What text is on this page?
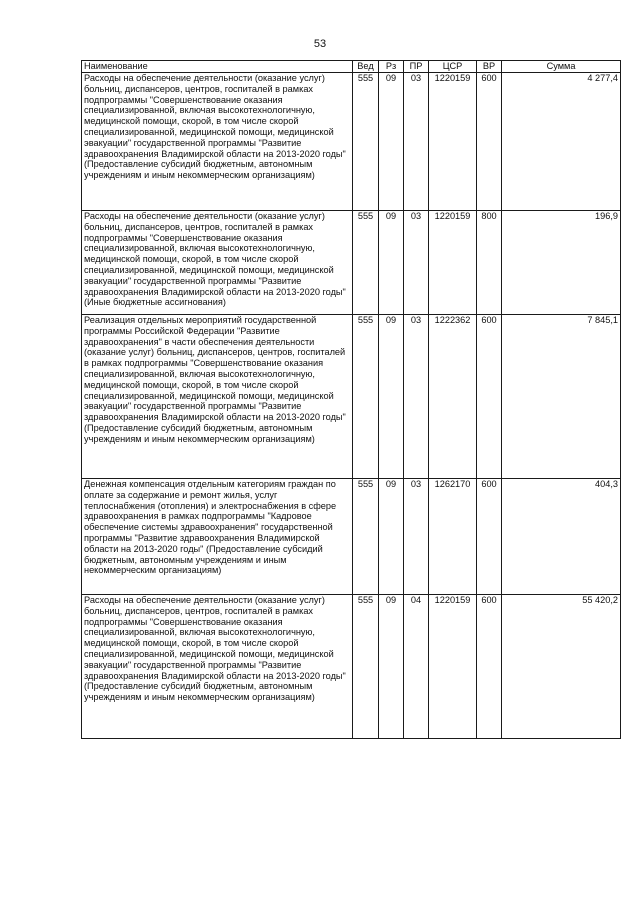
53
Наименование	Вед	Рз	ПР	ЦСР	ВР	Сумма
Расходы на обеспечение деятельности (оказание услуг) больниц, диспансеров, центров, госпиталей в рамках подпрограммы "Совершенствование оказания специализированной, включая высокотехнологичную, медицинской помощи, скорой, в том числе скорой специализированной, медицинской помощи, медицинской эвакуации" государственной программы "Развитие здравоохранения Владимирской области на 2013-2020 годы" (Предоставление субсидий бюджетным, автономным учреждениям и иным некоммерческим организациям)	555	09	03	1220159	600	4 277,4
Расходы на обеспечение деятельности (оказание услуг) больниц, диспансеров, центров, госпиталей в рамках подпрограммы "Совершенствование оказания специализированной, включая высокотехнологичную, медицинской помощи, скорой, в том числе скорой специализированной, медицинской помощи, медицинской эвакуации" государственной программы "Развитие здравоохранения Владимирской области на 2013-2020 годы" (Иные бюджетные ассигнования)	555	09	03	1220159	800	196,9
Реализация отдельных мероприятий государственной программы Российской Федерации "Развитие здравоохранения" в части обеспечения деятельности (оказание услуг) больниц, диспансеров, центров, госпиталей в рамках подпрограммы "Совершенствование оказания специализированной, включая высокотехнологичную, медицинской помощи, скорой, в том числе скорой специализированной, медицинской помощи, медицинской эвакуации" государственной программы "Развитие здравоохранения Владимирской области на 2013-2020 годы" (Предоставление субсидий бюджетным, автономным учреждениям и иным некоммерческим организациям)	555	09	03	1222362	600	7 845,1
Денежная компенсация отдельным категориям граждан по оплате за содержание и ремонт жилья, услуг теплоснабжения (отопления) и электроснабжения в сфере здравоохранения в рамках подпрограммы "Кадровое обеспечение системы здравоохранения" государственной программы "Развитие здравоохранения Владимирской области на 2013-2020 годы" (Предоставление субсидий бюджетным, автономным учреждениям и иным некоммерческим организациям)	555	09	03	1262170	600	404,3
Расходы на обеспечение деятельности (оказание услуг) больниц, диспансеров, центров, госпиталей в рамках подпрограммы "Совершенствование оказания специализированной, включая высокотехнологичную, медицинской помощи, скорой, в том числе скорой специализированной, медицинской помощи, медицинской эвакуации" государственной программы "Развитие здравоохранения Владимирской области на 2013-2020 годы" (Предоставление субсидий бюджетным, автономным учреждениям и иным некоммерческим организациям)	555	09	04	1220159	600	55 420,2
